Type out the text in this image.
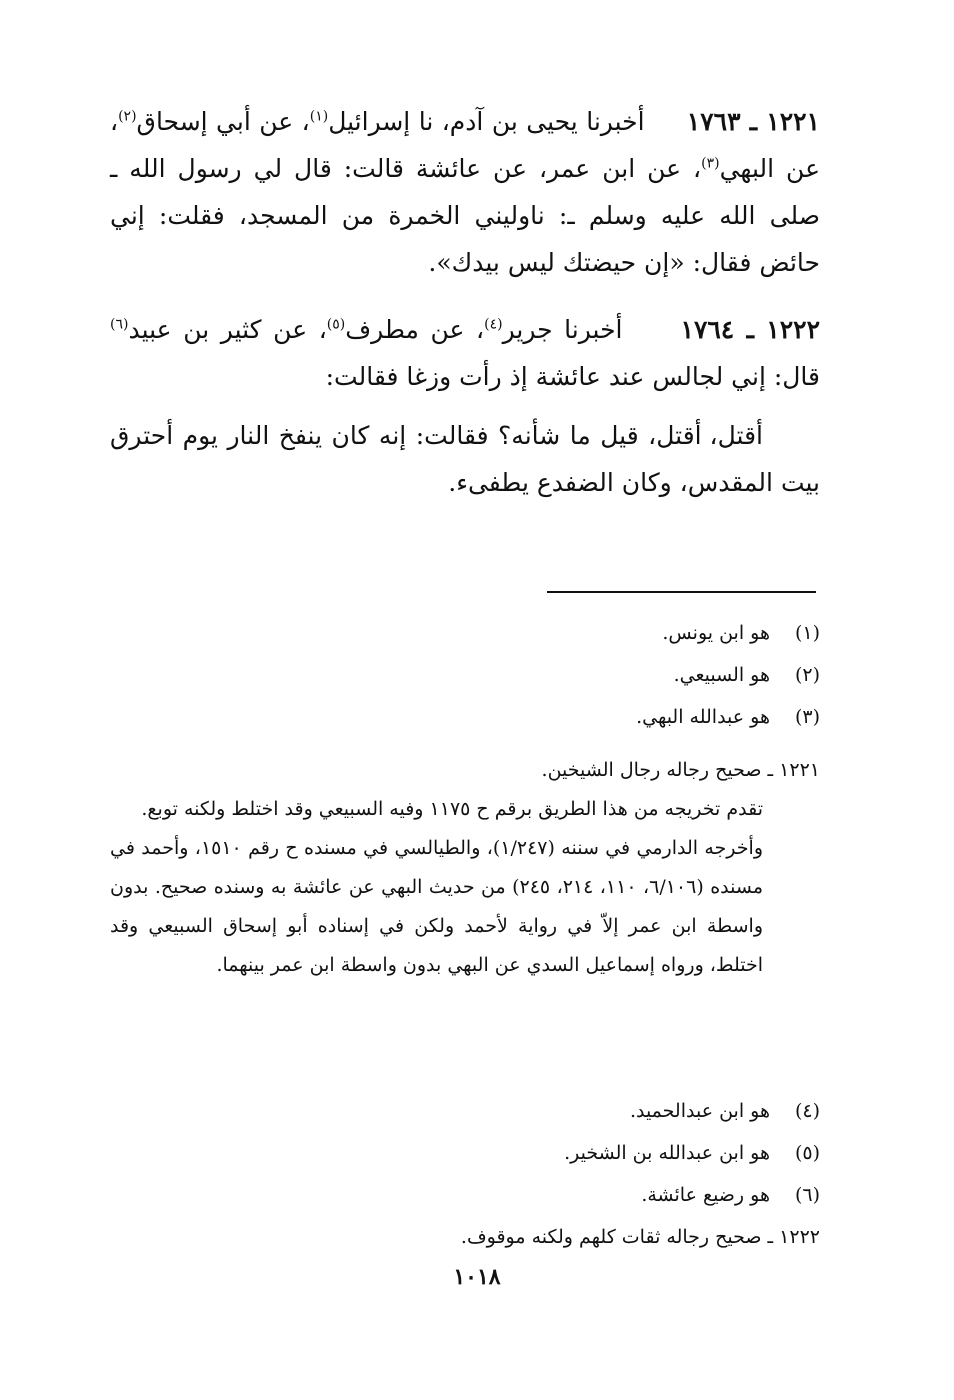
١٢٢١ ـ ١٧٦٣     أخبرنا يحيى بن آدم، نا إسرائيل$^{(١)}$، عن أبي إسحاق$^{(٢)}$، عن البهي$^{(٣)}$، عن ابن عمر، عن عائشة قالت: قال لي رسول الله ـ صلى الله عليه وسلم ـ: ناوليني الخمرة من المسجد، فقلت: إني حائض فقال: «إن حيضتك ليس بيدك».

١٢٢٢ ـ ١٧٦٤     أخبرنا جرير$^{(٤)}$، عن مطرف$^{(٥)}$، عن كثير بن عبيد$^{(٦)}$ قال: إني لجالس عند عائشة إذ رأت وزغا فقالت:

أقتل، أقتل، قيل ما شأنه؟ فقالت: إنه كان ينفخ النار يوم أحترق بيت المقدس، وكان الضفدع يطفىء.

(١)
هو ابن يونس.

(٢)
هو السبيعي.

(٣)
هو عبدالله البهي.

١٢٢١ ـ صحيح رجاله رجال الشيخين.

تقدم تخريجه من هذا الطريق برقم ح ١١٧٥ وفيه السبيعي وقد اختلط ولكنه توبع.

وأخرجه الدارمي في سننه (١/٢٤٧)، والطيالسي في مسنده ح رقم ١٥١٠، وأحمد في مسنده (٦/١٠٦، ١١٠، ٢١٤، ٢٤٥) من حديث البهي عن عائشة به وسنده صحيح. بدون واسطة ابن عمر إلاّ في رواية لأحمد ولكن في إسناده أبو إسحاق السبيعي وقد اختلط، ورواه إسماعيل السدي عن البهي بدون واسطة ابن عمر بينهما.

(٤)
هو ابن عبدالحميد.

(٥)
هو ابن عبدالله بن الشخير.

(٦)
هو رضيع عائشة.

١٢٢٢ ـ صحيح رجاله ثقات كلهم ولكنه موقوف.

١٠١٨
